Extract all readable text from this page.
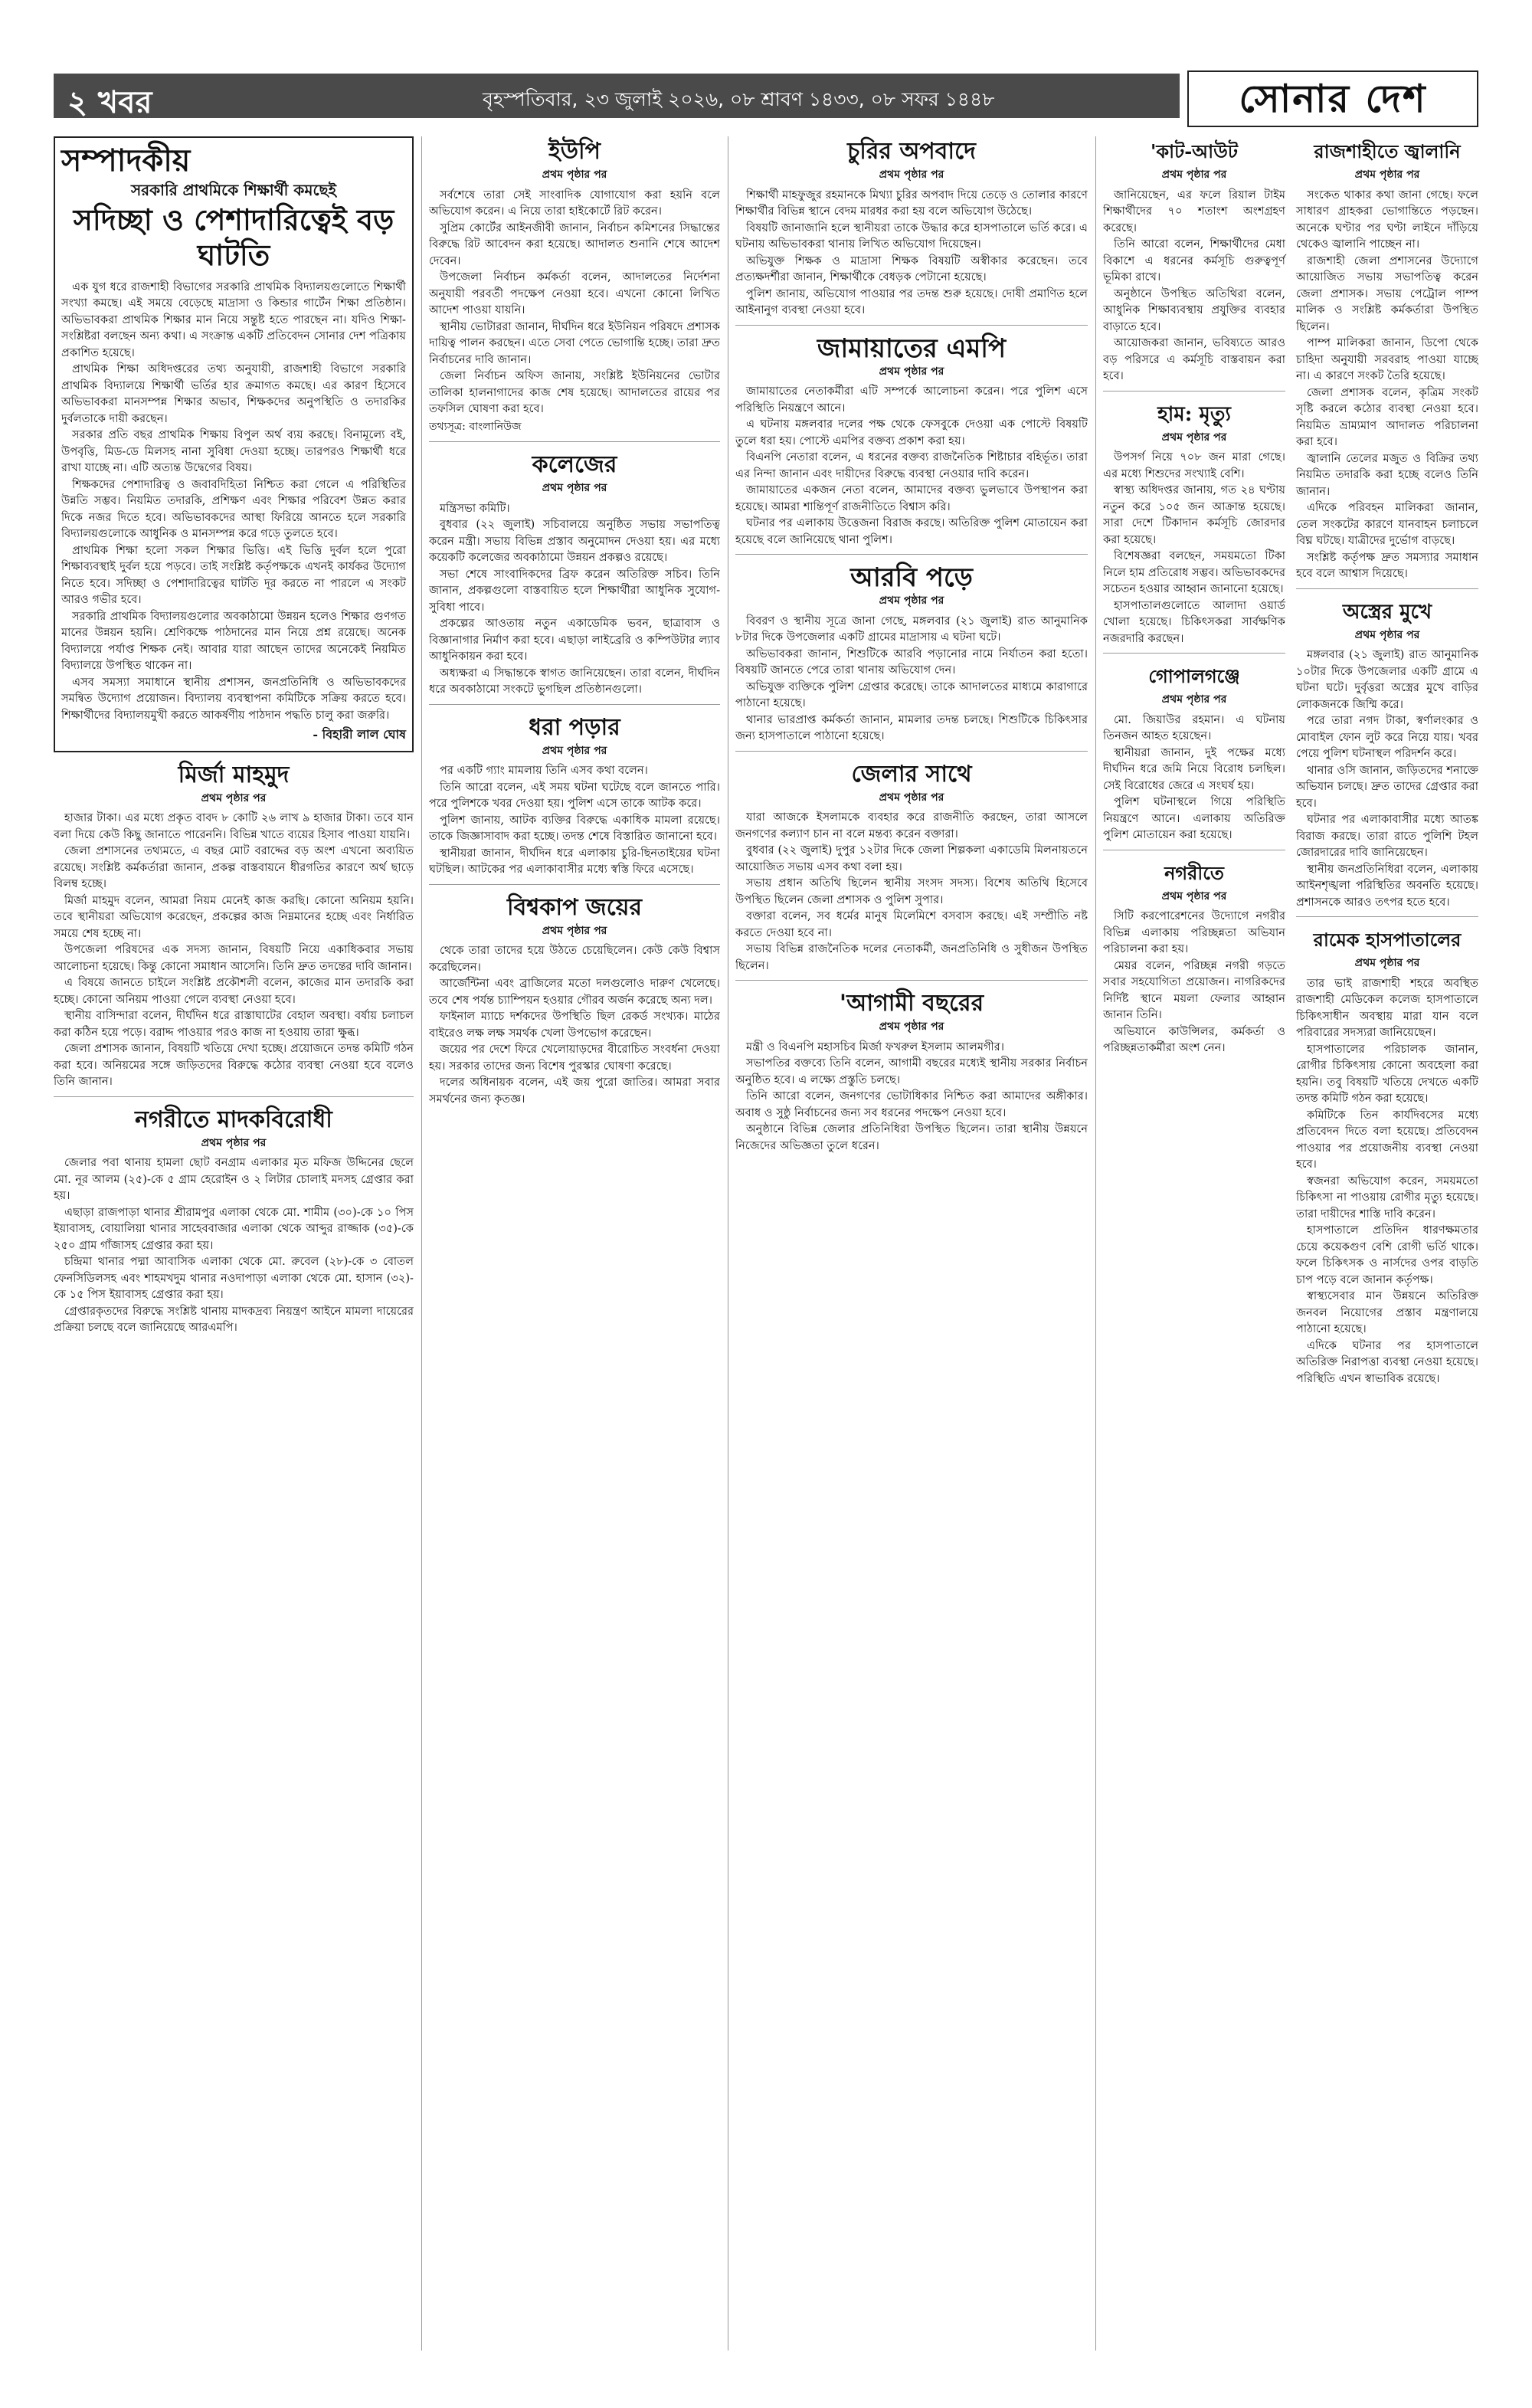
২ খবর	বৃহস্পতিবার, ২৩ জুলাই ২০২৬, ০৮ শ্রাবণ ১৪৩৩, ০৮ সফর ১৪৪৮	সোনার দেশ
সম্পাদকীয়
সরকারি প্রাথমিকে শিক্ষার্থী কমছেই
সদিচ্ছা ও পেশাদারিত্বেই বড় ঘাটতি

এক যুগ ধরে রাজশাহী বিভাগের সরকারি প্রাথমিক বিদ্যালয়গুলোতে শিক্ষার্থী সংখ্যা কমছে। এই সময়ে বেড়েছে মাদ্রাসা ও কিন্ডার গার্টেন শিক্ষা প্রতিষ্ঠান। অভিভাবকরা প্রাথমিক শিক্ষার মান নিয়ে সন্তুষ্ট হতে পারছেন না। যদিও শিক্ষা-সংশ্লিষ্টরা বলছেন অন্য কথা। এ সংক্রান্ত একটি প্রতিবেদন সোনার দেশ পত্রিকায় প্রকাশিত হয়েছে।

প্রাথমিক শিক্ষা অধিদপ্তরের তথ্য অনুযায়ী, রাজশাহী বিভাগে সরকারি প্রাথমিক বিদ্যালয়ে শিক্ষার্থী ভর্তির হার ক্রমাগত কমছে। এর কারণ হিসেবে অভিভাবকরা মানসম্পন্ন শিক্ষার অভাব, শিক্ষকদের অনুপস্থিতি ও তদারকির দুর্বলতাকে দায়ী করছেন।

সরকার প্রতি বছর প্রাথমিক শিক্ষায় বিপুল অর্থ ব্যয় করছে। বিনামূল্যে বই, উপবৃত্তি, মিড-ডে মিলসহ নানা সুবিধা দেওয়া হচ্ছে। তারপরও শিক্ষার্থী ধরে রাখা যাচ্ছে না। এটি অত্যন্ত উদ্বেগের বিষয়।

শিক্ষকদের পেশাদারিত্ব ও জবাবদিহিতা নিশ্চিত করা গেলে এ পরিস্থিতির উন্নতি সম্ভব। নিয়মিত তদারকি, প্রশিক্ষণ এবং শিক্ষার পরিবেশ উন্নত করার দিকে নজর দিতে হবে। অভিভাবকদের আস্থা ফিরিয়ে আনতে হলে সরকারি বিদ্যালয়গুলোকে আধুনিক ও মানসম্পন্ন করে গড়ে তুলতে হবে।

প্রাথমিক শিক্ষা হলো সকল শিক্ষার ভিত্তি। এই ভিত্তি দুর্বল হলে পুরো শিক্ষাব্যবস্থাই দুর্বল হয়ে পড়বে। তাই সংশ্লিষ্ট কর্তৃপক্ষকে এখনই কার্যকর উদ্যোগ নিতে হবে। সদিচ্ছা ও পেশাদারিত্বের ঘাটতি দূর করতে না পারলে এ সংকট আরও গভীর হবে।

সরকারি প্রাথমিক বিদ্যালয়গুলোর অবকাঠামো উন্নয়ন হলেও শিক্ষার গুণগত মানের উন্নয়ন হয়নি। শ্রেণিকক্ষে পাঠদানের মান নিয়ে প্রশ্ন রয়েছে। অনেক বিদ্যালয়ে পর্যাপ্ত শিক্ষক নেই। আবার যারা আছেন তাদের অনেকেই নিয়মিত বিদ্যালয়ে উপস্থিত থাকেন না।

এসব সমস্যা সমাধানে স্থানীয় প্রশাসন, জনপ্রতিনিধি ও অভিভাবকদের সমন্বিত উদ্যোগ প্রয়োজন। বিদ্যালয় ব্যবস্থাপনা কমিটিকে সক্রিয় করতে হবে। শিক্ষার্থীদের বিদ্যালয়মুখী করতে আকর্ষণীয় পাঠদান পদ্ধতি চালু করা জরুরি।

- বিহারী লাল ঘোষ
মির্জা মাহমুদ
প্রথম পৃষ্ঠার পর

হাজার টাকা। এর মধ্যে প্রকৃত বাবদ ৮ কোটি ২৬ লাখ ৯ হাজার টাকা। তবে যান বলা দিয়ে কেউ কিছু জানাতে পারেননি। বিভিন্ন খাতে ব্যয়ের হিসাব পাওয়া যায়নি।

জেলা প্রশাসনের তথ্যমতে, এ বছর মোট বরাদ্দের বড় অংশ এখনো অব্যয়িত রয়েছে। সংশ্লিষ্ট কর্মকর্তারা জানান, প্রকল্প বাস্তবায়নে ধীরগতির কারণে অর্থ ছাড়ে বিলম্ব হচ্ছে।

মির্জা মাহমুদ বলেন, আমরা নিয়ম মেনেই কাজ করছি। কোনো অনিয়ম হয়নি। তবে স্থানীয়রা অভিযোগ করেছেন, প্রকল্পের কাজ নিম্নমানের হচ্ছে এবং নির্ধারিত সময়ে শেষ হচ্ছে না।

উপজেলা পরিষদের এক সদস্য জানান, বিষয়টি নিয়ে একাধিকবার সভায় আলোচনা হয়েছে। কিন্তু কোনো সমাধান আসেনি। তিনি দ্রুত তদন্তের দাবি জানান।

এ বিষয়ে জানতে চাইলে সংশ্লিষ্ট প্রকৌশলী বলেন, কাজের মান তদারকি করা হচ্ছে। কোনো অনিয়ম পাওয়া গেলে ব্যবস্থা নেওয়া হবে।

স্থানীয় বাসিন্দারা বলেন, দীর্ঘদিন ধরে রাস্তাঘাটের বেহাল অবস্থা। বর্ষায় চলাচল করা কঠিন হয়ে পড়ে। বরাদ্দ পাওয়ার পরও কাজ না হওয়ায় তারা ক্ষুব্ধ।

জেলা প্রশাসক জানান, বিষয়টি খতিয়ে দেখা হচ্ছে। প্রয়োজনে তদন্ত কমিটি গঠন করা হবে। অনিয়মের সঙ্গে জড়িতদের বিরুদ্ধে কঠোর ব্যবস্থা নেওয়া হবে বলেও তিনি জানান।

নগরীতে মাদকবিরোধী
প্রথম পৃষ্ঠার পর

জেলার পবা থানায় হামলা ছোট বনগ্রাম এলাকার মৃত মফিজ উদ্দিনের ছেলে মো. নূর আলম (২৫)-কে ৫ গ্রাম হেরোইন ও ২ লিটার চোলাই মদসহ গ্রেপ্তার করা হয়।

এছাড়া রাজপাড়া থানার শ্রীরামপুর এলাকা থেকে মো. শামীম (৩০)-কে ১০ পিস ইয়াবাসহ, বোয়ালিয়া থানার সাহেববাজার এলাকা থেকে আব্দুর রাজ্জাক (৩৫)-কে ২৫০ গ্রাম গাঁজাসহ গ্রেপ্তার করা হয়।

চন্দ্রিমা থানার পদ্মা আবাসিক এলাকা থেকে মো. রুবেল (২৮)-কে ৩ বোতল ফেনসিডিলসহ এবং শাহমখদুম থানার নওদাপাড়া এলাকা থেকে মো. হাসান (৩২)-কে ১৫ পিস ইয়াবাসহ গ্রেপ্তার করা হয়।

গ্রেপ্তারকৃতদের বিরুদ্ধে সংশ্লিষ্ট থানায় মাদকদ্রব্য নিয়ন্ত্রণ আইনে মামলা দায়েরের প্রক্রিয়া চলছে বলে জানিয়েছে আরএমপি।

ইউপি
প্রথম পৃষ্ঠার পর

সর্বশেষে তারা সেই সাংবাদিক যোগাযোগ করা হয়নি বলে অভিযোগ করেন। এ নিয়ে তারা হাইকোর্টে রিট করেন।

সুপ্রিম কোর্টের আইনজীবী জানান, নির্বাচন কমিশনের সিদ্ধান্তের বিরুদ্ধে রিট আবেদন করা হয়েছে। আদালত শুনানি শেষে আদেশ দেবেন।

উপজেলা নির্বাচন কর্মকর্তা বলেন, আদালতের নির্দেশনা অনুযায়ী পরবর্তী পদক্ষেপ নেওয়া হবে। এখনো কোনো লিখিত আদেশ পাওয়া যায়নি।

স্থানীয় ভোটাররা জানান, দীর্ঘদিন ধরে ইউনিয়ন পরিষদে প্রশাসক দায়িত্ব পালন করছেন। এতে সেবা পেতে ভোগান্তি হচ্ছে। তারা দ্রুত নির্বাচনের দাবি জানান।

জেলা নির্বাচন অফিস জানায়, সংশ্লিষ্ট ইউনিয়নের ভোটার তালিকা হালনাগাদের কাজ শেষ হয়েছে। আদালতের রায়ের পর তফসিল ঘোষণা করা হবে।

তথ্যসূত্র: বাংলানিউজ
কলেজের
প্রথম পৃষ্ঠার পর

মন্ত্রিসভা কমিটি।

বুধবার (২২ জুলাই) সচিবালয়ে অনুষ্ঠিত সভায় সভাপতিত্ব করেন মন্ত্রী। সভায় বিভিন্ন প্রস্তাব অনুমোদন দেওয়া হয়। এর মধ্যে কয়েকটি কলেজের অবকাঠামো উন্নয়ন প্রকল্পও রয়েছে।

সভা শেষে সাংবাদিকদের ব্রিফ করেন অতিরিক্ত সচিব। তিনি জানান, প্রকল্পগুলো বাস্তবায়িত হলে শিক্ষার্থীরা আধুনিক সুযোগ-সুবিধা পাবে।

প্রকল্পের আওতায় নতুন একাডেমিক ভবন, ছাত্রাবাস ও বিজ্ঞানাগার নির্মাণ করা হবে। এছাড়া লাইব্রেরি ও কম্পিউটার ল্যাব আধুনিকায়ন করা হবে।

অধ্যক্ষরা এ সিদ্ধান্তকে স্বাগত জানিয়েছেন। তারা বলেন, দীর্ঘদিন ধরে অবকাঠামো সংকটে ভুগছিল প্রতিষ্ঠানগুলো।

ধরা পড়ার
প্রথম পৃষ্ঠার পর

পর একটি গ্যাং মামলায় তিনি এসব কথা বলেন।

তিনি আরো বলেন, এই সময় ঘটনা ঘটেছে বলে জানতে পারি। পরে পুলিশকে খবর দেওয়া হয়। পুলিশ এসে তাকে আটক করে।

পুলিশ জানায়, আটক ব্যক্তির বিরুদ্ধে একাধিক মামলা রয়েছে। তাকে জিজ্ঞাসাবাদ করা হচ্ছে। তদন্ত শেষে বিস্তারিত জানানো হবে।

স্থানীয়রা জানান, দীর্ঘদিন ধরে এলাকায় চুরি-ছিনতাইয়ের ঘটনা ঘটছিল। আটকের পর এলাকাবাসীর মধ্যে স্বস্তি ফিরে এসেছে।

বিশ্বকাপ জয়ের
প্রথম পৃষ্ঠার পর

থেকে তারা তাদের হয়ে উঠতে চেয়েছিলেন। কেউ কেউ বিশ্বাস করেছিলেন।

আর্জেন্টিনা এবং ব্রাজিলের মতো দলগুলোও দারুণ খেলেছে। তবে শেষ পর্যন্ত চ্যাম্পিয়ন হওয়ার গৌরব অর্জন করেছে অন্য দল।

ফাইনাল ম্যাচে দর্শকদের উপস্থিতি ছিল রেকর্ড সংখ্যক। মাঠের বাইরেও লক্ষ লক্ষ সমর্থক খেলা উপভোগ করেছেন।

জয়ের পর দেশে ফিরে খেলোয়াড়দের বীরোচিত সংবর্ধনা দেওয়া হয়। সরকার তাদের জন্য বিশেষ পুরস্কার ঘোষণা করেছে।

দলের অধিনায়ক বলেন, এই জয় পুরো জাতির। আমরা সবার সমর্থনের জন্য কৃতজ্ঞ।

চুরির অপবাদে
প্রথম পৃষ্ঠার পর

শিক্ষার্থী মাহফুজুর রহমানকে মিথ্যা চুরির অপবাদ দিয়ে তেড়ে ও তোলার কারণে শিক্ষার্থীর বিভিন্ন স্থানে বেদম মারধর করা হয় বলে অভিযোগ উঠেছে।

বিষয়টি জানাজানি হলে স্থানীয়রা তাকে উদ্ধার করে হাসপাতালে ভর্তি করে। এ ঘটনায় অভিভাবকরা থানায় লিখিত অভিযোগ দিয়েছেন।

অভিযুক্ত শিক্ষক ও মাদ্রাসা শিক্ষক বিষয়টি অস্বীকার করেছেন। তবে প্রত্যক্ষদর্শীরা জানান, শিক্ষার্থীকে বেধড়ক পেটানো হয়েছে।

পুলিশ জানায়, অভিযোগ পাওয়ার পর তদন্ত শুরু হয়েছে। দোষী প্রমাণিত হলে আইনানুগ ব্যবস্থা নেওয়া হবে।

জামায়াতের এমপি
প্রথম পৃষ্ঠার পর

জামায়াতের নেতাকর্মীরা এটি সম্পর্কে আলোচনা করেন। পরে পুলিশ এসে পরিস্থিতি নিয়ন্ত্রণে আনে।

এ ঘটনায় মঙ্গলবার দলের পক্ষ থেকে ফেসবুকে দেওয়া এক পোস্টে বিষয়টি তুলে ধরা হয়। পোস্টে এমপির বক্তব্য প্রকাশ করা হয়।

বিএনপি নেতারা বলেন, এ ধরনের বক্তব্য রাজনৈতিক শিষ্টাচার বহির্ভূত। তারা এর নিন্দা জানান এবং দায়ীদের বিরুদ্ধে ব্যবস্থা নেওয়ার দাবি করেন।

জামায়াতের একজন নেতা বলেন, আমাদের বক্তব্য ভুলভাবে উপস্থাপন করা হয়েছে। আমরা শান্তিপূর্ণ রাজনীতিতে বিশ্বাস করি।

ঘটনার পর এলাকায় উত্তেজনা বিরাজ করছে। অতিরিক্ত পুলিশ মোতায়েন করা হয়েছে বলে জানিয়েছে থানা পুলিশ।

আরবি পড়ে
প্রথম পৃষ্ঠার পর

বিবরণ ও স্থানীয় সূত্রে জানা গেছে, মঙ্গলবার (২১ জুলাই) রাত আনুমানিক ৮টার দিকে উপজেলার একটি গ্রামের মাদ্রাসায় এ ঘটনা ঘটে।

অভিভাবকরা জানান, শিশুটিকে আরবি পড়ানোর নামে নির্যাতন করা হতো। বিষয়টি জানতে পেরে তারা থানায় অভিযোগ দেন।

অভিযুক্ত ব্যক্তিকে পুলিশ গ্রেপ্তার করেছে। তাকে আদালতের মাধ্যমে কারাগারে পাঠানো হয়েছে।

থানার ভারপ্রাপ্ত কর্মকর্তা জানান, মামলার তদন্ত চলছে। শিশুটিকে চিকিৎসার জন্য হাসপাতালে পাঠানো হয়েছে।

জেলার সাথে
প্রথম পৃষ্ঠার পর

যারা আজকে ইসলামকে ব্যবহার করে রাজনীতি করছেন, তারা আসলে জনগণের কল্যাণ চান না বলে মন্তব্য করেন বক্তারা।

বুধবার (২২ জুলাই) দুপুর ১২টার দিকে জেলা শিল্পকলা একাডেমি মিলনায়তনে আয়োজিত সভায় এসব কথা বলা হয়।

সভায় প্রধান অতিথি ছিলেন স্থানীয় সংসদ সদস্য। বিশেষ অতিথি হিসেবে উপস্থিত ছিলেন জেলা প্রশাসক ও পুলিশ সুপার।

বক্তারা বলেন, সব ধর্মের মানুষ মিলেমিশে বসবাস করছে। এই সম্প্রীতি নষ্ট করতে দেওয়া হবে না।

সভায় বিভিন্ন রাজনৈতিক দলের নেতাকর্মী, জনপ্রতিনিধি ও সুধীজন উপস্থিত ছিলেন।

'আগামী বছরের
প্রথম পৃষ্ঠার পর

মন্ত্রী ও বিএনপি মহাসচিব মির্জা ফখরুল ইসলাম আলমগীর।

সভাপতির বক্তব্যে তিনি বলেন, আগামী বছরের মধ্যেই স্থানীয় সরকার নির্বাচন অনুষ্ঠিত হবে। এ লক্ষ্যে প্রস্তুতি চলছে।

তিনি আরো বলেন, জনগণের ভোটাধিকার নিশ্চিত করা আমাদের অঙ্গীকার। অবাধ ও সুষ্ঠু নির্বাচনের জন্য সব ধরনের পদক্ষেপ নেওয়া হবে।

অনুষ্ঠানে বিভিন্ন জেলার প্রতিনিধিরা উপস্থিত ছিলেন। তারা স্থানীয় উন্নয়নে নিজেদের অভিজ্ঞতা তুলে ধরেন।

'কাট-আউট
প্রথম পৃষ্ঠার পর

জানিয়েছেন, এর ফলে রিয়াল টাইম শিক্ষার্থীদের ৭০ শতাংশ অংশগ্রহণ করেছে।

তিনি আরো বলেন, শিক্ষার্থীদের মেধা বিকাশে এ ধরনের কর্মসূচি গুরুত্বপূর্ণ ভূমিকা রাখে।

অনুষ্ঠানে উপস্থিত অতিথিরা বলেন, আধুনিক শিক্ষাব্যবস্থায় প্রযুক্তির ব্যবহার বাড়াতে হবে।

আয়োজকরা জানান, ভবিষ্যতে আরও বড় পরিসরে এ কর্মসূচি বাস্তবায়ন করা হবে।

হাম: মৃত্যু
প্রথম পৃষ্ঠার পর

উপসর্গ নিয়ে ৭০৮ জন মারা গেছে। এর মধ্যে শিশুদের সংখ্যাই বেশি।

স্বাস্থ্য অধিদপ্তর জানায়, গত ২৪ ঘণ্টায় নতুন করে ১০৫ জন আক্রান্ত হয়েছে। সারা দেশে টিকাদান কর্মসূচি জোরদার করা হয়েছে।

বিশেষজ্ঞরা বলছেন, সময়মতো টিকা নিলে হাম প্রতিরোধ সম্ভব। অভিভাবকদের সচেতন হওয়ার আহ্বান জানানো হয়েছে।

হাসপাতালগুলোতে আলাদা ওয়ার্ড খোলা হয়েছে। চিকিৎসকরা সার্বক্ষণিক নজরদারি করছেন।

গোপালগঞ্জে
প্রথম পৃষ্ঠার পর

মো. জিয়াউর রহমান। এ ঘটনায় তিনজন আহত হয়েছেন।

স্থানীয়রা জানান, দুই পক্ষের মধ্যে দীর্ঘদিন ধরে জমি নিয়ে বিরোধ চলছিল। সেই বিরোধের জেরে এ সংঘর্ষ হয়।

পুলিশ ঘটনাস্থলে গিয়ে পরিস্থিতি নিয়ন্ত্রণে আনে। এলাকায় অতিরিক্ত পুলিশ মোতায়েন করা হয়েছে।

নগরীতে
প্রথম পৃষ্ঠার পর

সিটি করপোরেশনের উদ্যোগে নগরীর বিভিন্ন এলাকায় পরিচ্ছন্নতা অভিযান পরিচালনা করা হয়।

মেয়র বলেন, পরিচ্ছন্ন নগরী গড়তে সবার সহযোগিতা প্রয়োজন। নাগরিকদের নির্দিষ্ট স্থানে ময়লা ফেলার আহ্বান জানান তিনি।

অভিযানে কাউন্সিলর, কর্মকর্তা ও পরিচ্ছন্নতাকর্মীরা অংশ নেন।

রাজশাহীতে জ্বালানি
প্রথম পৃষ্ঠার পর

সংকেত থাকার কথা জানা গেছে। ফলে সাধারণ গ্রাহকরা ভোগান্তিতে পড়ছেন। অনেকে ঘণ্টার পর ঘণ্টা লাইনে দাঁড়িয়ে থেকেও জ্বালানি পাচ্ছেন না।

রাজশাহী জেলা প্রশাসনের উদ্যোগে আয়োজিত সভায় সভাপতিত্ব করেন জেলা প্রশাসক। সভায় পেট্রোল পাম্প মালিক ও সংশ্লিষ্ট কর্মকর্তারা উপস্থিত ছিলেন।

পাম্প মালিকরা জানান, ডিপো থেকে চাহিদা অনুযায়ী সরবরাহ পাওয়া যাচ্ছে না। এ কারণে সংকট তৈরি হয়েছে।

জেলা প্রশাসক বলেন, কৃত্রিম সংকট সৃষ্টি করলে কঠোর ব্যবস্থা নেওয়া হবে। নিয়মিত ভ্রাম্যমাণ আদালত পরিচালনা করা হবে।

জ্বালানি তেলের মজুত ও বিক্রির তথ্য নিয়মিত তদারকি করা হচ্ছে বলেও তিনি জানান।

এদিকে পরিবহন মালিকরা জানান, তেল সংকটের কারণে যানবাহন চলাচলে বিঘ্ন ঘটছে। যাত্রীদের দুর্ভোগ বাড়ছে।

সংশ্লিষ্ট কর্তৃপক্ষ দ্রুত সমস্যার সমাধান হবে বলে আশ্বাস দিয়েছে।

অস্ত্রের মুখে
প্রথম পৃষ্ঠার পর

মঙ্গলবার (২১ জুলাই) রাত আনুমানিক ১০টার দিকে উপজেলার একটি গ্রামে এ ঘটনা ঘটে। দুর্বৃত্তরা অস্ত্রের মুখে বাড়ির লোকজনকে জিম্মি করে।

পরে তারা নগদ টাকা, স্বর্ণালংকার ও মোবাইল ফোন লুট করে নিয়ে যায়। খবর পেয়ে পুলিশ ঘটনাস্থল পরিদর্শন করে।

থানার ওসি জানান, জড়িতদের শনাক্তে অভিযান চলছে। দ্রুত তাদের গ্রেপ্তার করা হবে।

ঘটনার পর এলাকাবাসীর মধ্যে আতঙ্ক বিরাজ করছে। তারা রাতে পুলিশি টহল জোরদারের দাবি জানিয়েছেন।

স্থানীয় জনপ্রতিনিধিরা বলেন, এলাকায় আইনশৃঙ্খলা পরিস্থিতির অবনতি হয়েছে। প্রশাসনকে আরও তৎপর হতে হবে।

রামেক হাসপাতালের
প্রথম পৃষ্ঠার পর

তার ভাই রাজশাহী শহরে অবস্থিত রাজশাহী মেডিকেল কলেজ হাসপাতালে চিকিৎসাধীন অবস্থায় মারা যান বলে পরিবারের সদস্যরা জানিয়েছেন।

হাসপাতালের পরিচালক জানান, রোগীর চিকিৎসায় কোনো অবহেলা করা হয়নি। তবু বিষয়টি খতিয়ে দেখতে একটি তদন্ত কমিটি গঠন করা হয়েছে।

কমিটিকে তিন কার্যদিবসের মধ্যে প্রতিবেদন দিতে বলা হয়েছে। প্রতিবেদন পাওয়ার পর প্রয়োজনীয় ব্যবস্থা নেওয়া হবে।

স্বজনরা অভিযোগ করেন, সময়মতো চিকিৎসা না পাওয়ায় রোগীর মৃত্যু হয়েছে। তারা দায়ীদের শাস্তি দাবি করেন।

হাসপাতালে প্রতিদিন ধারণক্ষমতার চেয়ে কয়েকগুণ বেশি রোগী ভর্তি থাকে। ফলে চিকিৎসক ও নার্সদের ওপর বাড়তি চাপ পড়ে বলে জানান কর্তৃপক্ষ।

স্বাস্থ্যসেবার মান উন্নয়নে অতিরিক্ত জনবল নিয়োগের প্রস্তাব মন্ত্রণালয়ে পাঠানো হয়েছে।

এদিকে ঘটনার পর হাসপাতালে অতিরিক্ত নিরাপত্তা ব্যবস্থা নেওয়া হয়েছে। পরিস্থিতি এখন স্বাভাবিক রয়েছে।
